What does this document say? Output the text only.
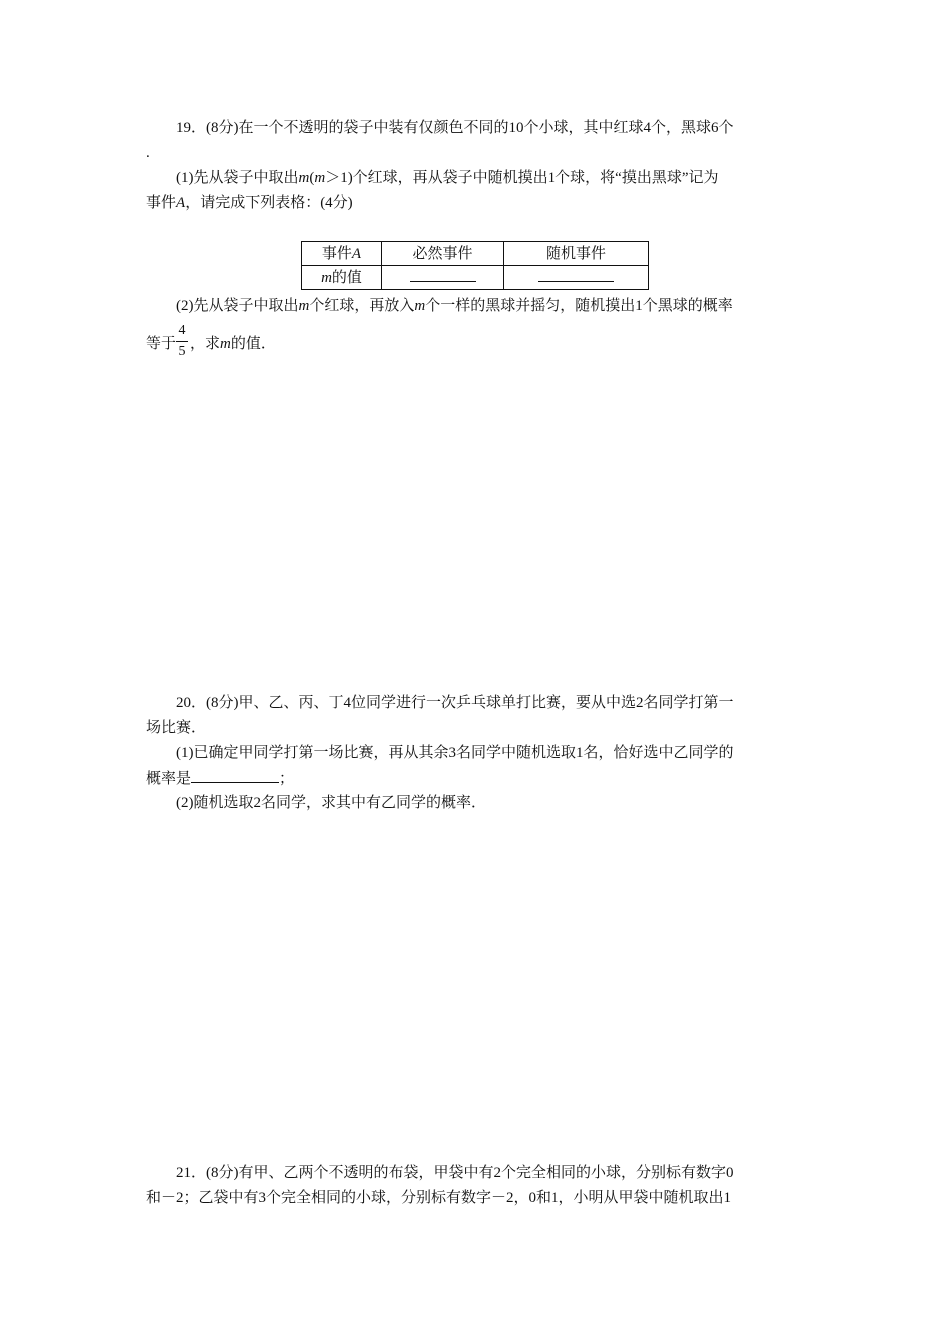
19．(8分)在一个不透明的袋子中装有仅颜色不同的10个小球，其中红球4个，黑球6个
.
(1)先从袋子中取出m(m＞1)个红球，再从袋子中随机摸出1个球，将“摸出黑球”记为
事件A，请完成下列表格：(4分)
事件A	必然事件	随机事件
m的值		
(2)先从袋子中取出m个红球，再放入m个一样的黑球并摇匀，随机摸出1个黑球的概率
等于 ，求m的值．
4
5
20．(8分)甲、乙、丙、丁4位同学进行一次乒乓球单打比赛，要从中选2名同学打第一
场比赛．
(1)已确定甲同学打第一场比赛，再从其余3名同学中随机选取1名，恰好选中乙同学的
概率是	；
(2)随机选取2名同学，求其中有乙同学的概率．
21．(8分)有甲、乙两个不透明的布袋，甲袋中有2个完全相同的小球，分别标有数字0
和－2；乙袋中有3个完全相同的小球，分别标有数字－2，0和1，小明从甲袋中随机取出1
